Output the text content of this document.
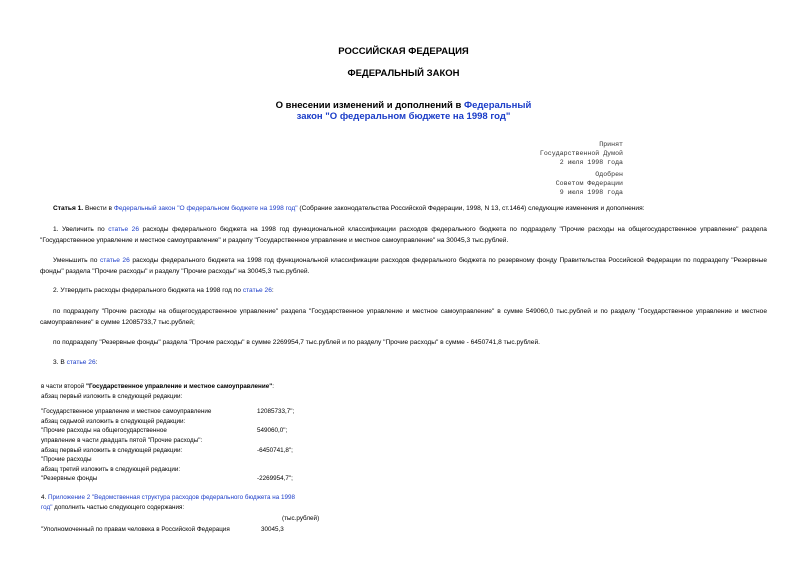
РОССИЙСКАЯ ФЕДЕРАЦИЯ
ФЕДЕРАЛЬНЫЙ ЗАКОН
О внесении изменений и дополнений в Федеральный
закон "О федеральном бюджете на 1998 год"
Принят
Государственной Думой
2 июля 1998 года
Одобрен
Советом Федерации
9 июля 1998 года

Статья 1. Внести в Федеральный закон "О федеральном бюджете на 1998 год" (Собрание законодательства Российской Федерации, 1998, N 13, ст.1464) следующие изменения и дополнения:

1. Увеличить по статье 26 расходы федерального бюджета на 1998 год функциональной классификации расходов федерального бюджета по подразделу "Прочие расходы на общегосударственное управление" раздела "Государственное управление и местное самоуправление" и разделу "Государственное управление и местное самоуправление" на 30045,3 тыс.рублей.

Уменьшить по статье 26 расходы федерального бюджета на 1998 год функциональной классификации расходов федерального бюджета по резервному фонду Правительства Российской Федерации по подразделу "Резервные фонды" раздела "Прочие расходы" и разделу "Прочие расходы" на 30045,3 тыс.рублей.

2. Утвердить расходы федерального бюджета на 1998 год по статье 26:

по подразделу "Прочие расходы на общегосударственное управление" раздела "Государственное управление и местное самоуправление" в сумме 549060,0 тыс.рублей и по разделу "Государственное управление и местное самоуправление" в сумме 12085733,7 тыс.рублей;

по подразделу "Резервные фонды" раздела "Прочие расходы" в сумме 2269954,7 тыс.рублей и по разделу "Прочие расходы" в сумме - 6450741,8 тыс.рублей.

3. В статье 26:

в части второй "Государственное управление и местное самоуправление":
абзац первый изложить в следующей редакции:
"Государственное управление и местное самоуправление	12085733,7";
абзац седьмой изложить в следующей редакции:
"Прочие расходы на общегосударственное	549060,0";
управление в части двадцать пятой "Прочие расходы":
абзац первый изложить в следующей редакции:	-6450741,8";
"Прочие расходы
абзац третий изложить в следующей редакции:
"Резервные фонды	-2269954,7";
4. Приложение 2 "Ведомственная структура расходов федерального бюджета на 1998
год" дополнить частью следующего содержания:
(тыс.рублей)
"Уполномоченный по правам человека в Российской Федерация	30045,3
